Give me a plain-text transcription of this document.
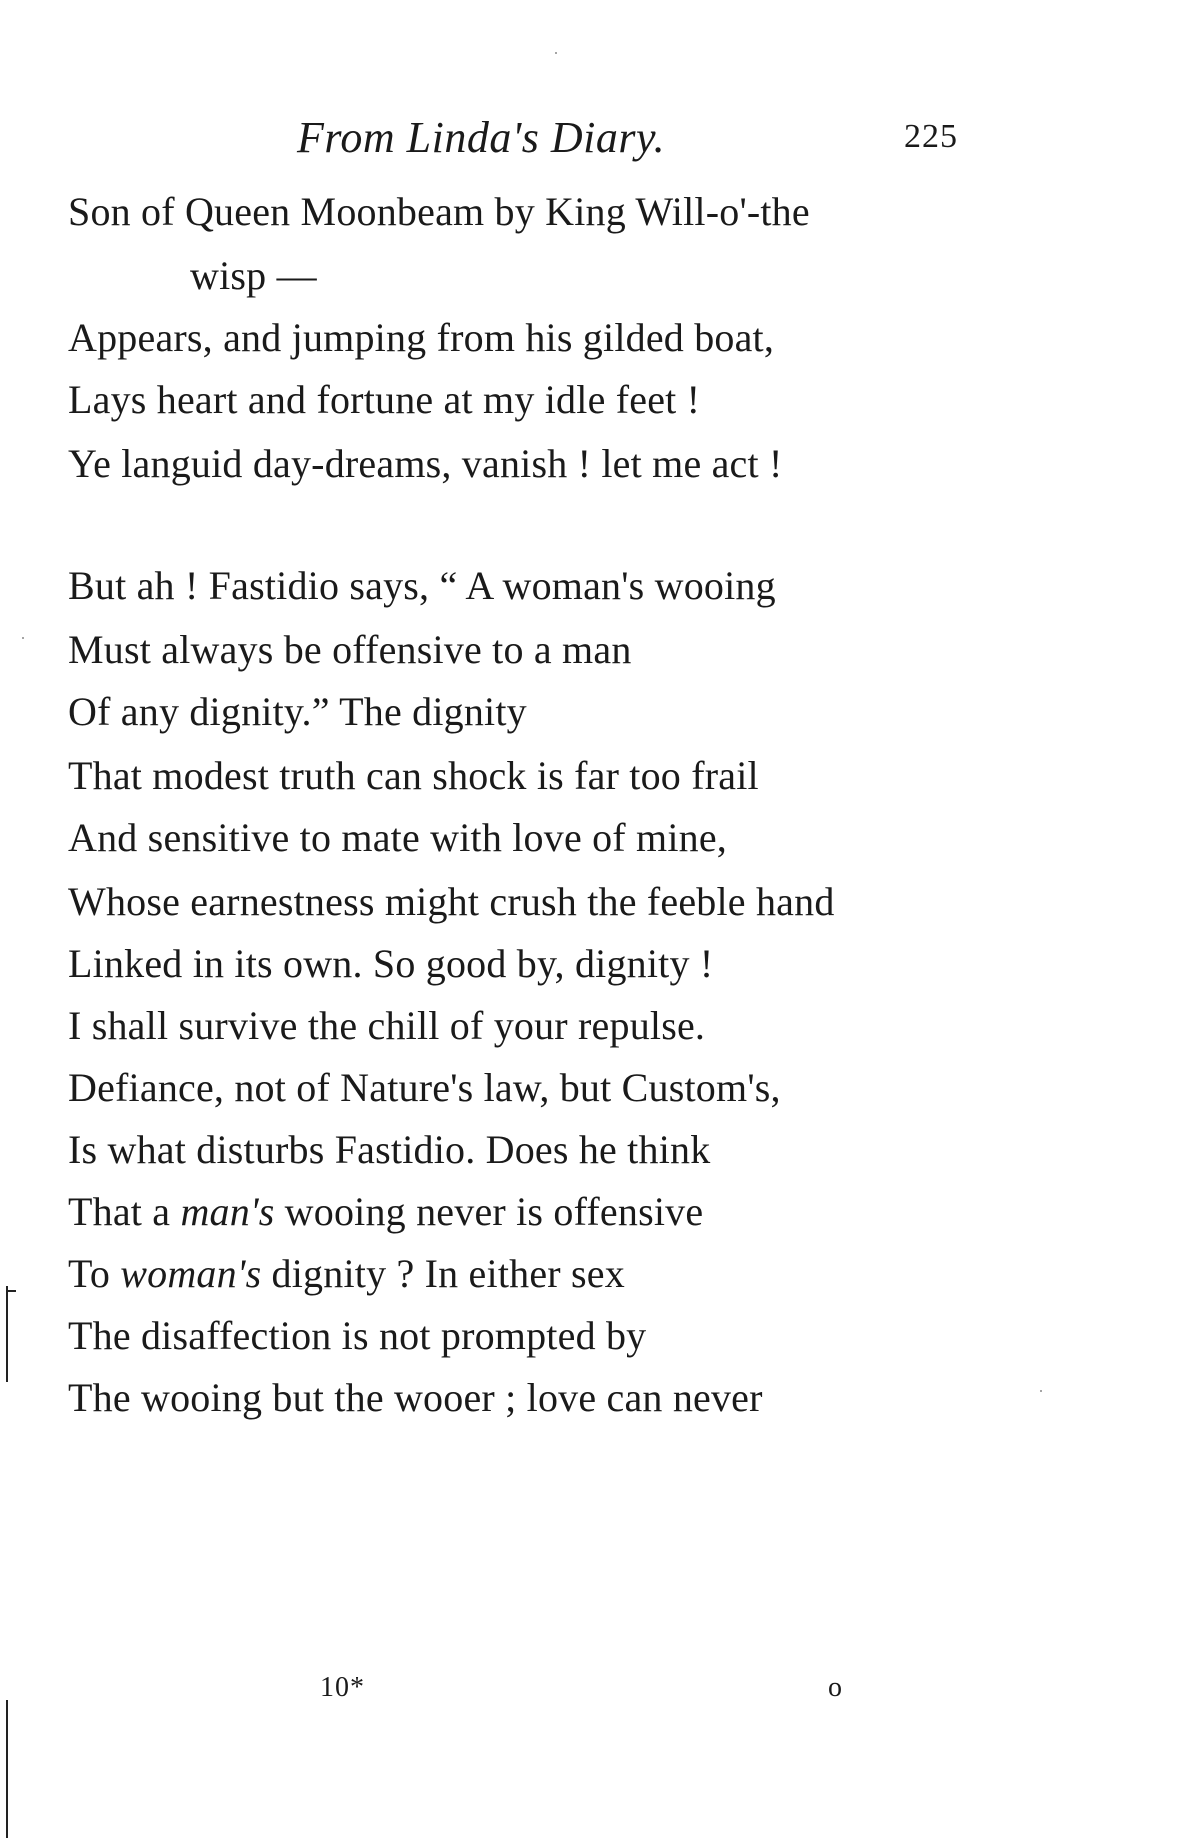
From Linda's Diary.	225
Son of Queen Moonbeam by King Will-o'-the
wisp —
Appears, and jumping from his gilded boat,
Lays heart and fortune at my idle feet !
Ye languid day-dreams, vanish ! let me act !
But ah ! Fastidio says, “ A woman's wooing
Must always be offensive to a man
Of any dignity.” The dignity
That modest truth can shock is far too frail
And sensitive to mate with love of mine,
Whose earnestness might crush the feeble hand
Linked in its own. So good by, dignity !
I shall survive the chill of your repulse.
Defiance, not of Nature's law, but Custom's,
Is what disturbs Fastidio. Does he think
That a man's wooing never is offensive
To woman's dignity ? In either sex
The disaffection is not prompted by
The wooing but the wooer ; love can never
10*	o
